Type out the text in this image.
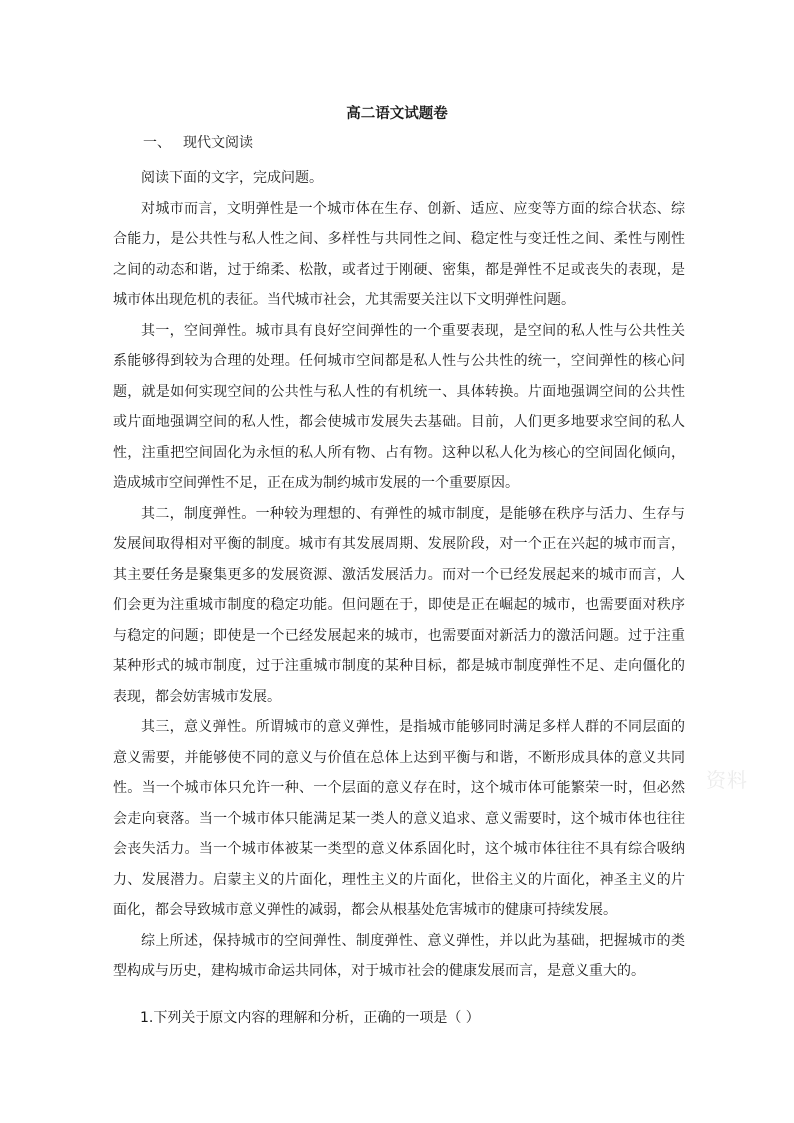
高二语文试题卷
一、 现代文阅读

阅读下面的文字，完成问题。

对城市而言，文明弹性是一个城市体在生存、创新、适应、应变等方面的综合状态、综合能力，是公共性与私人性之间、多样性与共同性之间、稳定性与变迁性之间、柔性与刚性之间的动态和谐，过于绵柔、松散，或者过于刚硬、密集，都是弹性不足或丧失的表现，是城市体出现危机的表征。当代城市社会，尤其需要关注以下文明弹性问题。

其一，空间弹性。城市具有良好空间弹性的一个重要表现，是空间的私人性与公共性关系能够得到较为合理的处理。任何城市空间都是私人性与公共性的统一，空间弹性的核心问题，就是如何实现空间的公共性与私人性的有机统一、具体转换。片面地强调空间的公共性或片面地强调空间的私人性，都会使城市发展失去基础。目前，人们更多地要求空间的私人性，注重把空间固化为永恒的私人所有物、占有物。这种以私人化为核心的空间固化倾向，造成城市空间弹性不足，正在成为制约城市发展的一个重要原因。

其二，制度弹性。一种较为理想的、有弹性的城市制度，是能够在秩序与活力、生存与发展间取得相对平衡的制度。城市有其发展周期、发展阶段，对一个正在兴起的城市而言，其主要任务是聚集更多的发展资源、激活发展活力。而对一个已经发展起来的城市而言，人们会更为注重城市制度的稳定功能。但问题在于，即使是正在崛起的城市，也需要面对秩序与稳定的问题；即使是一个已经发展起来的城市，也需要面对新活力的激活问题。过于注重某种形式的城市制度，过于注重城市制度的某种目标，都是城市制度弹性不足、走向僵化的表现，都会妨害城市发展。

其三，意义弹性。所谓城市的意义弹性，是指城市能够同时满足多样人群的不同层面的意义需要，并能够使不同的意义与价值在总体上达到平衡与和谐，不断形成具体的意义共同性。当一个城市体只允许一种、一个层面的意义存在时，这个城市体可能繁荣一时，但必然会走向衰落。当一个城市体只能满足某一类人的意义追求、意义需要时，这个城市体也往往会丧失活力。当一个城市体被某一类型的意义体系固化时，这个城市体往往不具有综合吸纳力、发展潜力。启蒙主义的片面化，理性主义的片面化，世俗主义的片面化，神圣主义的片面化，都会导致城市意义弹性的减弱，都会从根基处危害城市的健康可持续发展。

综上所述，保持城市的空间弹性、制度弹性、意义弹性，并以此为基础，把握城市的类型构成与历史，建构城市命运共同体，对于城市社会的健康发展而言，是意义重大的。

1.下列关于原文内容的理解和分析，正确的一项是（ ）
资料
